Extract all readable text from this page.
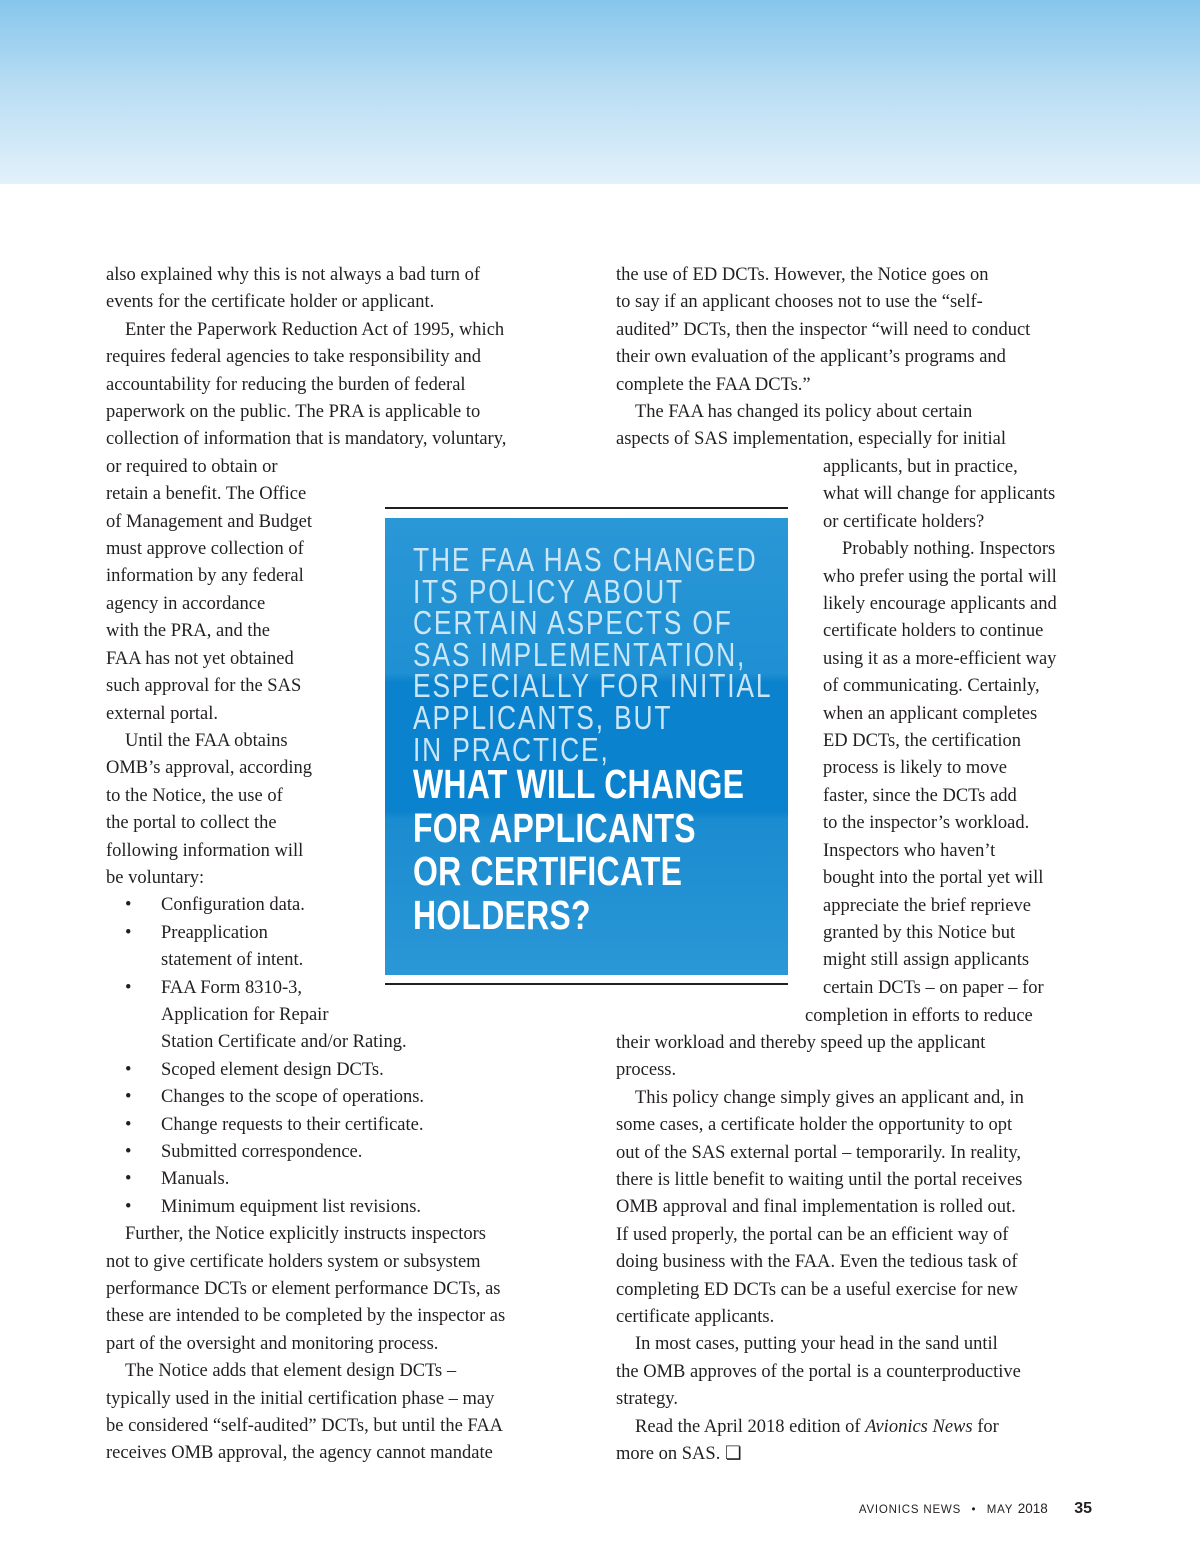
also explained why this is not always a bad turn of
events for the certificate holder or applicant.

Enter the Paperwork Reduction Act of 1995, which
requires federal agencies to take responsibility and
accountability for reducing the burden of federal
paperwork on the public. The PRA is applicable to
collection of information that is mandatory, voluntary,
or required to obtain or
retain a benefit. The Office
of Management and Budget
must approve collection of
information by any federal
agency in accordance
with the PRA, and the
FAA has not yet obtained
such approval for the SAS
external portal.

Until the FAA obtains
OMB’s approval, according
to the Notice, the use of
the portal to collect the
following information will
be voluntary:

• Configuration data.
• Preapplication
statement of intent.
• FAA Form 8310-3,
Application for Repair
Station Certificate and/or Rating.
• Scoped element design DCTs.
• Changes to the scope of operations.
• Change requests to their certificate.
• Submitted correspondence.
• Manuals.
• Minimum equipment list revisions.

Further, the Notice explicitly instructs inspectors
not to give certificate holders system or subsystem
performance DCTs or element performance DCTs, as
these are intended to be completed by the inspector as
part of the oversight and monitoring process.

The Notice adds that element design DCTs –
typically used in the initial certification phase – may
be considered “self-audited” DCTs, but until the FAA
receives OMB approval, the agency cannot mandate

the use of ED DCTs. However, the Notice goes on
to say if an applicant chooses not to use the “self-
audited” DCTs, then the inspector “will need to conduct
their own evaluation of the applicant’s programs and
complete the FAA DCTs.”

The FAA has changed its policy about certain
aspects of SAS implementation, especially for initial

applicants, but in practice,
what will change for applicants
or certificate holders?

Probably nothing. Inspectors
who prefer using the portal will
likely encourage applicants and
certificate holders to continue
using it as a more-efficient way
of communicating. Certainly,
when an applicant completes
ED DCTs, the certification
process is likely to move
faster, since the DCTs add
to the inspector’s workload.
Inspectors who haven’t
bought into the portal yet will
appreciate the brief reprieve
granted by this Notice but
might still assign applicants
certain DCTs – on paper – for

completion in efforts to reduce

their workload and thereby speed up the applicant
process.

This policy change simply gives an applicant and, in
some cases, a certificate holder the opportunity to opt
out of the SAS external portal – temporarily. In reality,
there is little benefit to waiting until the portal receives
OMB approval and final implementation is rolled out.
If used properly, the portal can be an efficient way of
doing business with the FAA. Even the tedious task of
completing ED DCTs can be a useful exercise for new
certificate applicants.

In most cases, putting your head in the sand until
the OMB approves of the portal is a counterproductive
strategy.

Read the April 2018 edition of Avionics News for
more on SAS. ❏

THE FAA HAS CHANGED
ITS POLICY ABOUT
CERTAIN ASPECTS OF
SAS IMPLEMENTATION,
ESPECIALLY FOR INITIAL
APPLICANTS, BUT
IN PRACTICE,
WHAT WILL CHANGE
FOR APPLICANTS
OR CERTIFICATE
HOLDERS?
AVIONICS NEWS • MAY 2018 35
